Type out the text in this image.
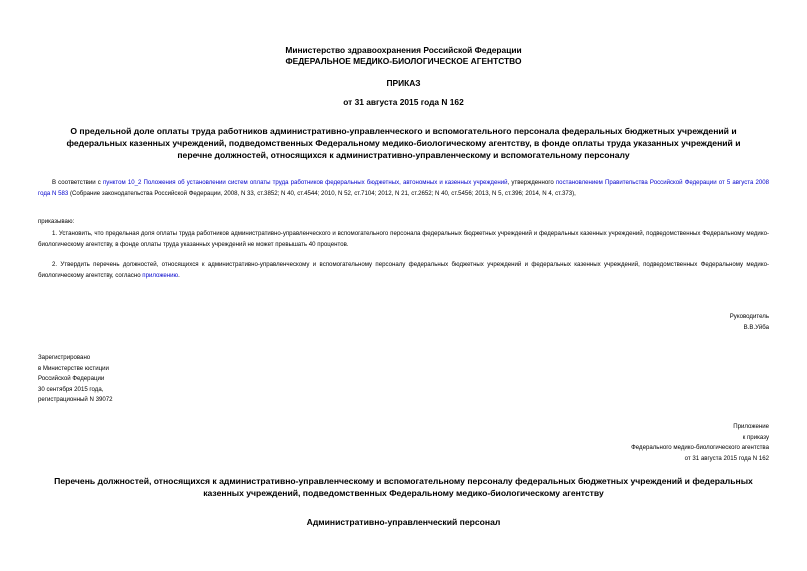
Министерство здравоохранения Российской Федерации
ФЕДЕРАЛЬНОЕ МЕДИКО-БИОЛОГИЧЕСКОЕ АГЕНТСТВО
ПРИКАЗ
от 31 августа 2015 года N 162
О предельной доле оплаты труда работников административно-управленческого и вспомогательного персонала федеральных бюджетных учреждений и
федеральных казенных учреждений, подведомственных Федеральному медико-биологическому агентству, в фонде оплаты труда указанных учреждений и
перечне должностей, относящихся к административно-управленческому и вспомогательному персоналу
В соответствии с пунктом 10_2 Положения об установлении систем оплаты труда работников федеральных бюджетных, автономных и казенных учреждений, утвержденного постановлением Правительства Российской Федерации от 5 августа 2008 года N 583 (Собрание законодательства Российской Федерации, 2008, N 33, ст.3852; N 40, ст.4544; 2010, N 52, ст.7104; 2012, N 21, ст.2652; N 40, ст.5456; 2013, N 5, ст.396; 2014, N 4, ст.373),
приказываю:
1. Установить, что предельная доля оплаты труда работников административно-управленческого и вспомогательного персонала федеральных бюджетных учреждений и федеральных казенных учреждений, подведомственных Федеральному медико-биологическому агентству, в фонде оплаты труда указанных учреждений не может превышать 40 процентов.
2. Утвердить перечень должностей, относящихся к административно-управленческому и вспомогательному персоналу федеральных бюджетных учреждений и федеральных казенных учреждений, подведомственных Федеральному медико-биологическому агентству, согласно приложению.
Руководитель
В.В.Уйба
Зарегистрировано
в Министерстве юстиции
Российской Федерации
30 сентября 2015 года,
регистрационный N 39072
Приложение
к приказу
Федерального медико-биологического агентства
от 31 августа 2015 года N 162
Перечень должностей, относящихся к административно-управленческому и вспомогательному персоналу федеральных бюджетных учреждений и федеральных
казенных учреждений, подведомственных Федеральному медико-биологическому агентству
Административно-управленческий персонал
